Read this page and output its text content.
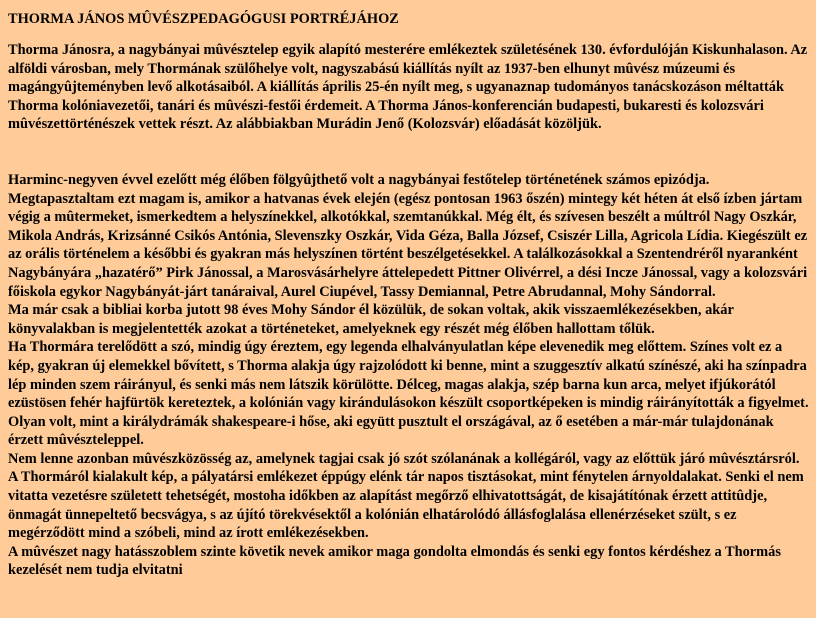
THORMA JÁNOS MÛVÉSZPEDAGÓGUSI PORTRÉJÁHOZ

Thorma Jánosra, a nagybányai mûvésztelep egyik alapító mesterére emlékeztek születésének 130. évfordulóján Kiskunhalason. Az alföldi városban, mely Thormának szülőhelye volt, nagyszabású kiállítás nyílt az 1937-ben elhunyt mûvész múzeumi és magángyûjteményben levő alkotásaiból. A kiállítás április 25-én nyílt meg, s ugyanaznap tudományos tanácskozáson méltatták Thorma kolóniavezetői, tanári és mûvészi-festői érdemeit. A Thorma János-konferencián budapesti, bukaresti és kolozsvári mûvészettörténészek vettek részt. Az alábbiakban Murádin Jenő (Kolozsvár) előadását közöljük.

Harminc-negyven évvel ezelőtt még élőben fölgyûjthető volt a nagybányai festőtelep történetének számos epizódja. Megtapasztaltam ezt magam is, amikor a hatvanas évek elején (egész pontosan 1963 őszén) mintegy két héten át első ízben jártam végig a mûtermeket, ismerkedtem a helyszínekkel, alkotókkal, szemtanúkkal. Még élt, és szívesen beszélt a múltról Nagy Oszkár, Mikola András, Krizsánné Csikós Antónia, Slevenszky Oszkár, Vida Géza, Balla József, Csiszér Lilla, Agricola Lídia. Kiegészült ez az orális történelem a későbbi és gyakran más helyszínen történt beszélgetésekkel. A találkozásokkal a Szentendréről nyaranként Nagybányára „hazatérő” Pirk Jánossal, a Marosvásárhelyre áttelepedett Pittner Olivérrel, a dési Incze Jánossal, vagy a kolozsvári főiskola egykor Nagybányát-járt tanáraival, Aurel Ciupével, Tassy Demiannal, Petre Abrudannal, Mohy Sándorral.

Ma már csak a bibliai korba jutott 98 éves Mohy Sándor él közülük, de sokan voltak, akik visszaemlékezésekben, akár könyvalakban is megjelentették azokat a történeteket, amelyeknek egy részét még élőben hallottam tőlük.

Ha Thormára terelődött a szó, mindig úgy éreztem, egy legenda elhalványulatlan képe elevenedik meg előttem. Színes volt ez a kép, gyakran új elemekkel bővített, s Thorma alakja úgy rajzolódott ki benne, mint a szuggesztív alkatú színészé, aki ha színpadra lép minden szem ráirányul, és senki más nem látszik körülötte. Délceg, magas alakja, szép barna kun arca, melyet ifjúkorától ezüstösen fehér hajfürtök kereteztek, a kolónián vagy kirándulásokon készült csoportképeken is mindig ráirányították a figyelmet. Olyan volt, mint a királydrámák shakespeare-i hőse, aki együtt pusztult el országával, az ő esetében a már-már tulajdonának érzett mûvészteleppel.

Nem lenne azonban mûvészközösség az, amelynek tagjai csak jó szót szólanának a kollégáról, vagy az előttük járó mûvésztársról.

A Thormáról kialakult kép, a pályatársi emlékezet éppúgy elénk tár napos tisztásokat, mint fénytelen árnyoldalakat. Senki el nem vitatta vezetésre született tehetségét, mostoha időkben az alapítást megőrző elhivatottságát, de kisajátítónak érzett attitûdje, önmagát ünnepeltető becsvágya, s az újító törekvésektől a kolónián elhatárolódó állásfoglalása ellenérzéseket szült, s ez megérződött mind a szóbeli, mind az írott emlékezésekben.

A mûvészet nagy hatásszoblem szinte követik nevek amikor maga gondolta elmondás és senki egy fontos kérdéshez a Thormás kezelését nem tudja elvitatni
